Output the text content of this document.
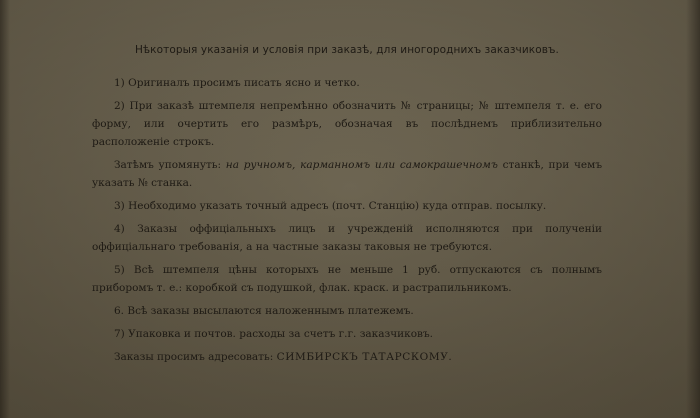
Нѣкоторыя указанія и условія при заказѣ, для иногороднихъ заказчиковъ.

1) Оригиналъ просимъ писать ясно и четко.

2) При заказѣ штемпеля непремѣнно обозначить № страницы; № штемпеля т. е. его форму, или очертить его размѣръ, обозначая въ послѣднемъ приблизительно расположеніе строкъ.

Затѣмъ упомянуть: на ручномъ, карманномъ или самокрашечномъ станкѣ, при чемъ указать № станка.

3) Необходимо указать точный адресъ (почт. Станцію) куда отправ. посылку.

4) Заказы оффиціальныхъ лицъ и учрежденій исполняются при полученіи оффиціальнаго требованія, а на частные заказы таковыя не требуются.

5) Всѣ штемпеля цѣны которыхъ не меньше 1 руб. отпускаются съ полнымъ приборомъ т. е.: коробкой съ подушкой, флак. краск. и растрапильникомъ.

6. Всѣ заказы высылаются наложеннымъ платежемъ.

7) Упаковка и почтов. расходы за счетъ г.г. заказчиковъ.

Заказы просимъ адресовать: СИМБИРСКЪ ТАТАРСКОМУ.
